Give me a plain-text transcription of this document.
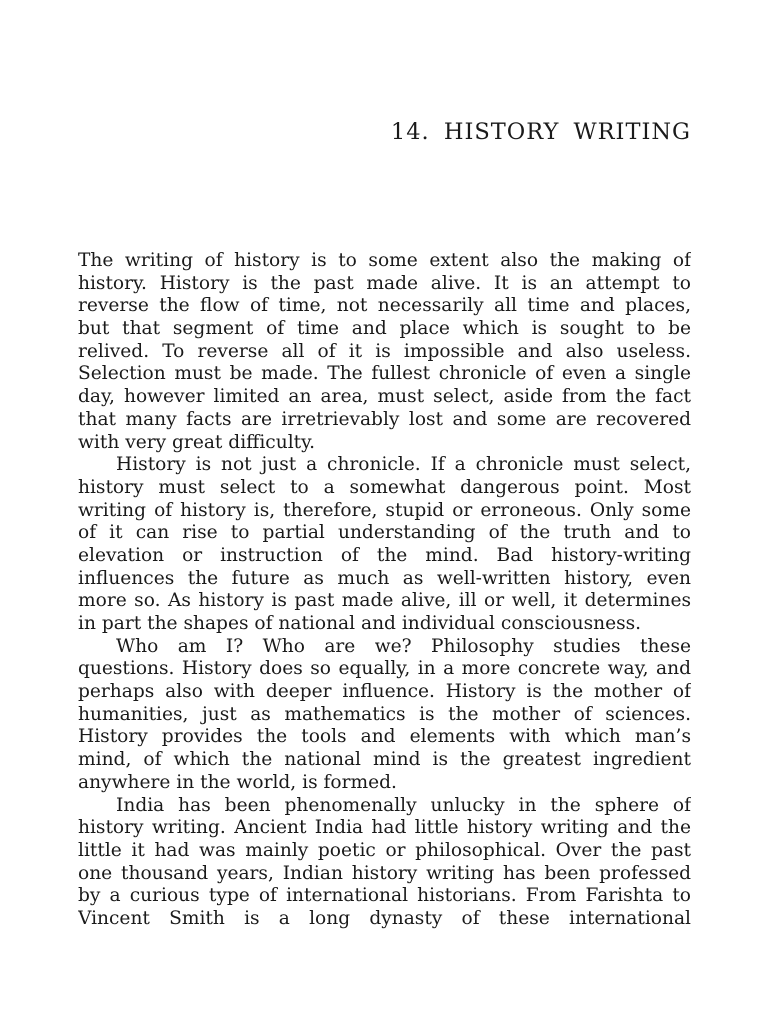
14. HISTORY WRITING
The writing of history is to some extent also the making of
history. History is the past made alive. It is an attempt to
reverse the flow of time, not necessarily all time and places,
but that segment of time and place which is sought to be
relived. To reverse all of it is impossible and also useless.
Selection must be made. The fullest chronicle of even a single
day, however limited an area, must select, aside from the fact
that many facts are irretrievably lost and some are recovered
with very great difficulty.
History is not just a chronicle. If a chronicle must select,
history must select to a somewhat dangerous point. Most
writing of history is, therefore, stupid or erroneous. Only some
of it can rise to partial understanding of the truth and to
elevation or instruction of the mind. Bad history-writing
influences the future as much as well-written history, even
more so. As history is past made alive, ill or well, it determines
in part the shapes of national and individual consciousness.
Who am I? Who are we? Philosophy studies these
questions. History does so equally, in a more concrete way, and
perhaps also with deeper influence. History is the mother of
humanities, just as mathematics is the mother of sciences.
History provides the tools and elements with which man’s
mind, of which the national mind is the greatest ingredient
anywhere in the world, is formed.
India has been phenomenally unlucky in the sphere of
history writing. Ancient India had little history writing and the
little it had was mainly poetic or philosophical. Over the past
one thousand years, Indian history writing has been professed
by a curious type of international historians. From Farishta to
Vincent Smith is a long dynasty of these international
